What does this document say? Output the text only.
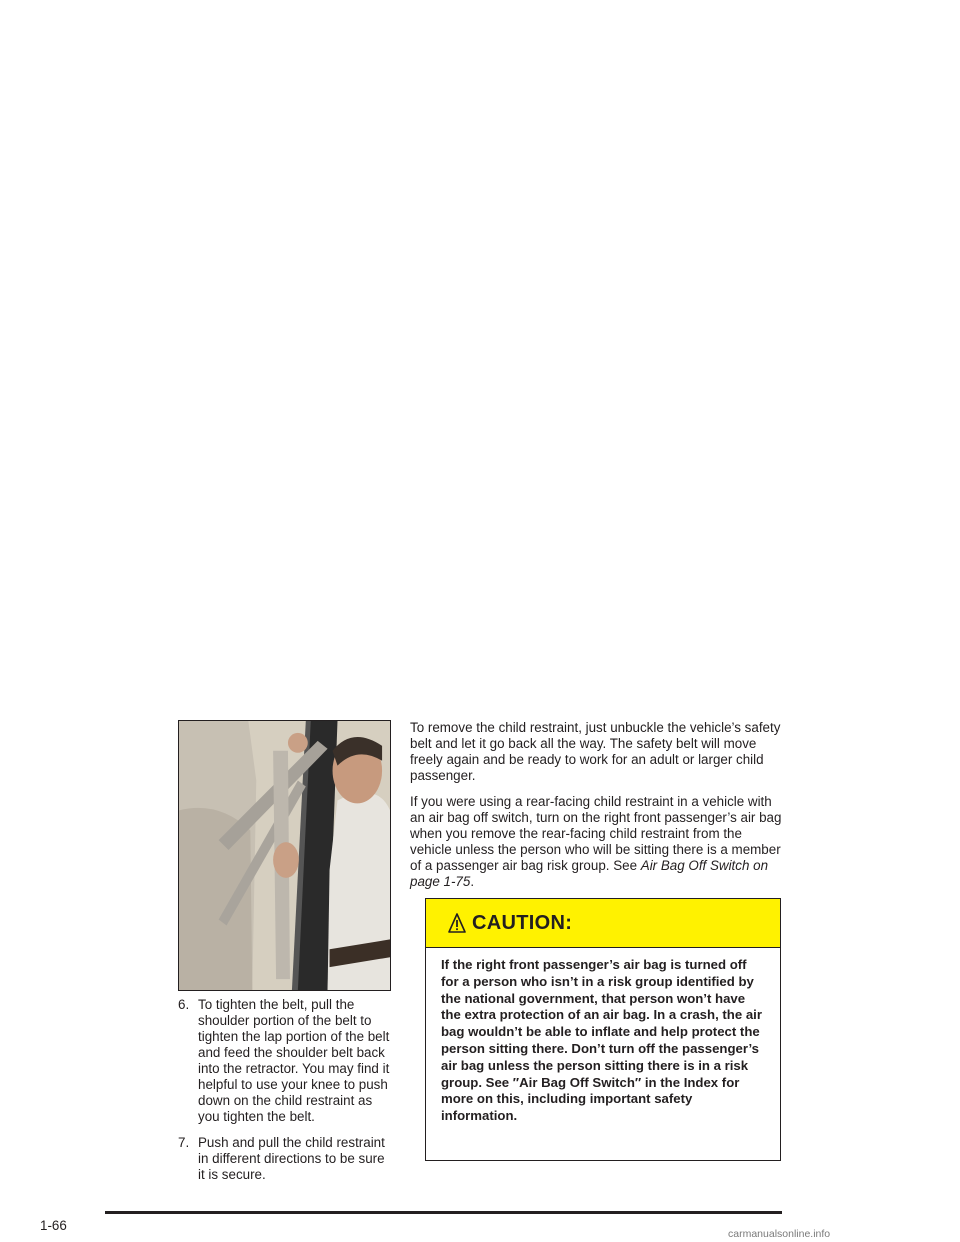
6. To tighten the belt, pull the shoulder portion of the belt to tighten the lap portion of the belt and feed the shoulder belt back into the retractor. You may find it helpful to use your knee to push down on the child restraint as you tighten the belt.
7. Push and pull the child restraint in different directions to be sure it is secure.

To remove the child restraint, just unbuckle the vehicle’s safety belt and let it go back all the way. The safety belt will move freely again and be ready to work for an adult or larger child passenger.

If you were using a rear-facing child restraint in a vehicle with an air bag off switch, turn on the right front passenger’s air bag when you remove the rear-facing child restraint from the vehicle unless the person who will be sitting there is a member of a passenger air bag risk group. See Air Bag Off Switch on page 1-75.

CAUTION:
If the right front passenger’s air bag is turned off for a person who isn’t in a risk group identified by the national government, that person won’t have the extra protection of an air bag. In a crash, the air bag wouldn’t be able to inflate and help protect the person sitting there. Don’t turn off the passenger’s air bag unless the person sitting there is in a risk group. See ″Air Bag Off Switch″ in the Index for more on this, including important safety information.
1-66
carmanualsonline.info
